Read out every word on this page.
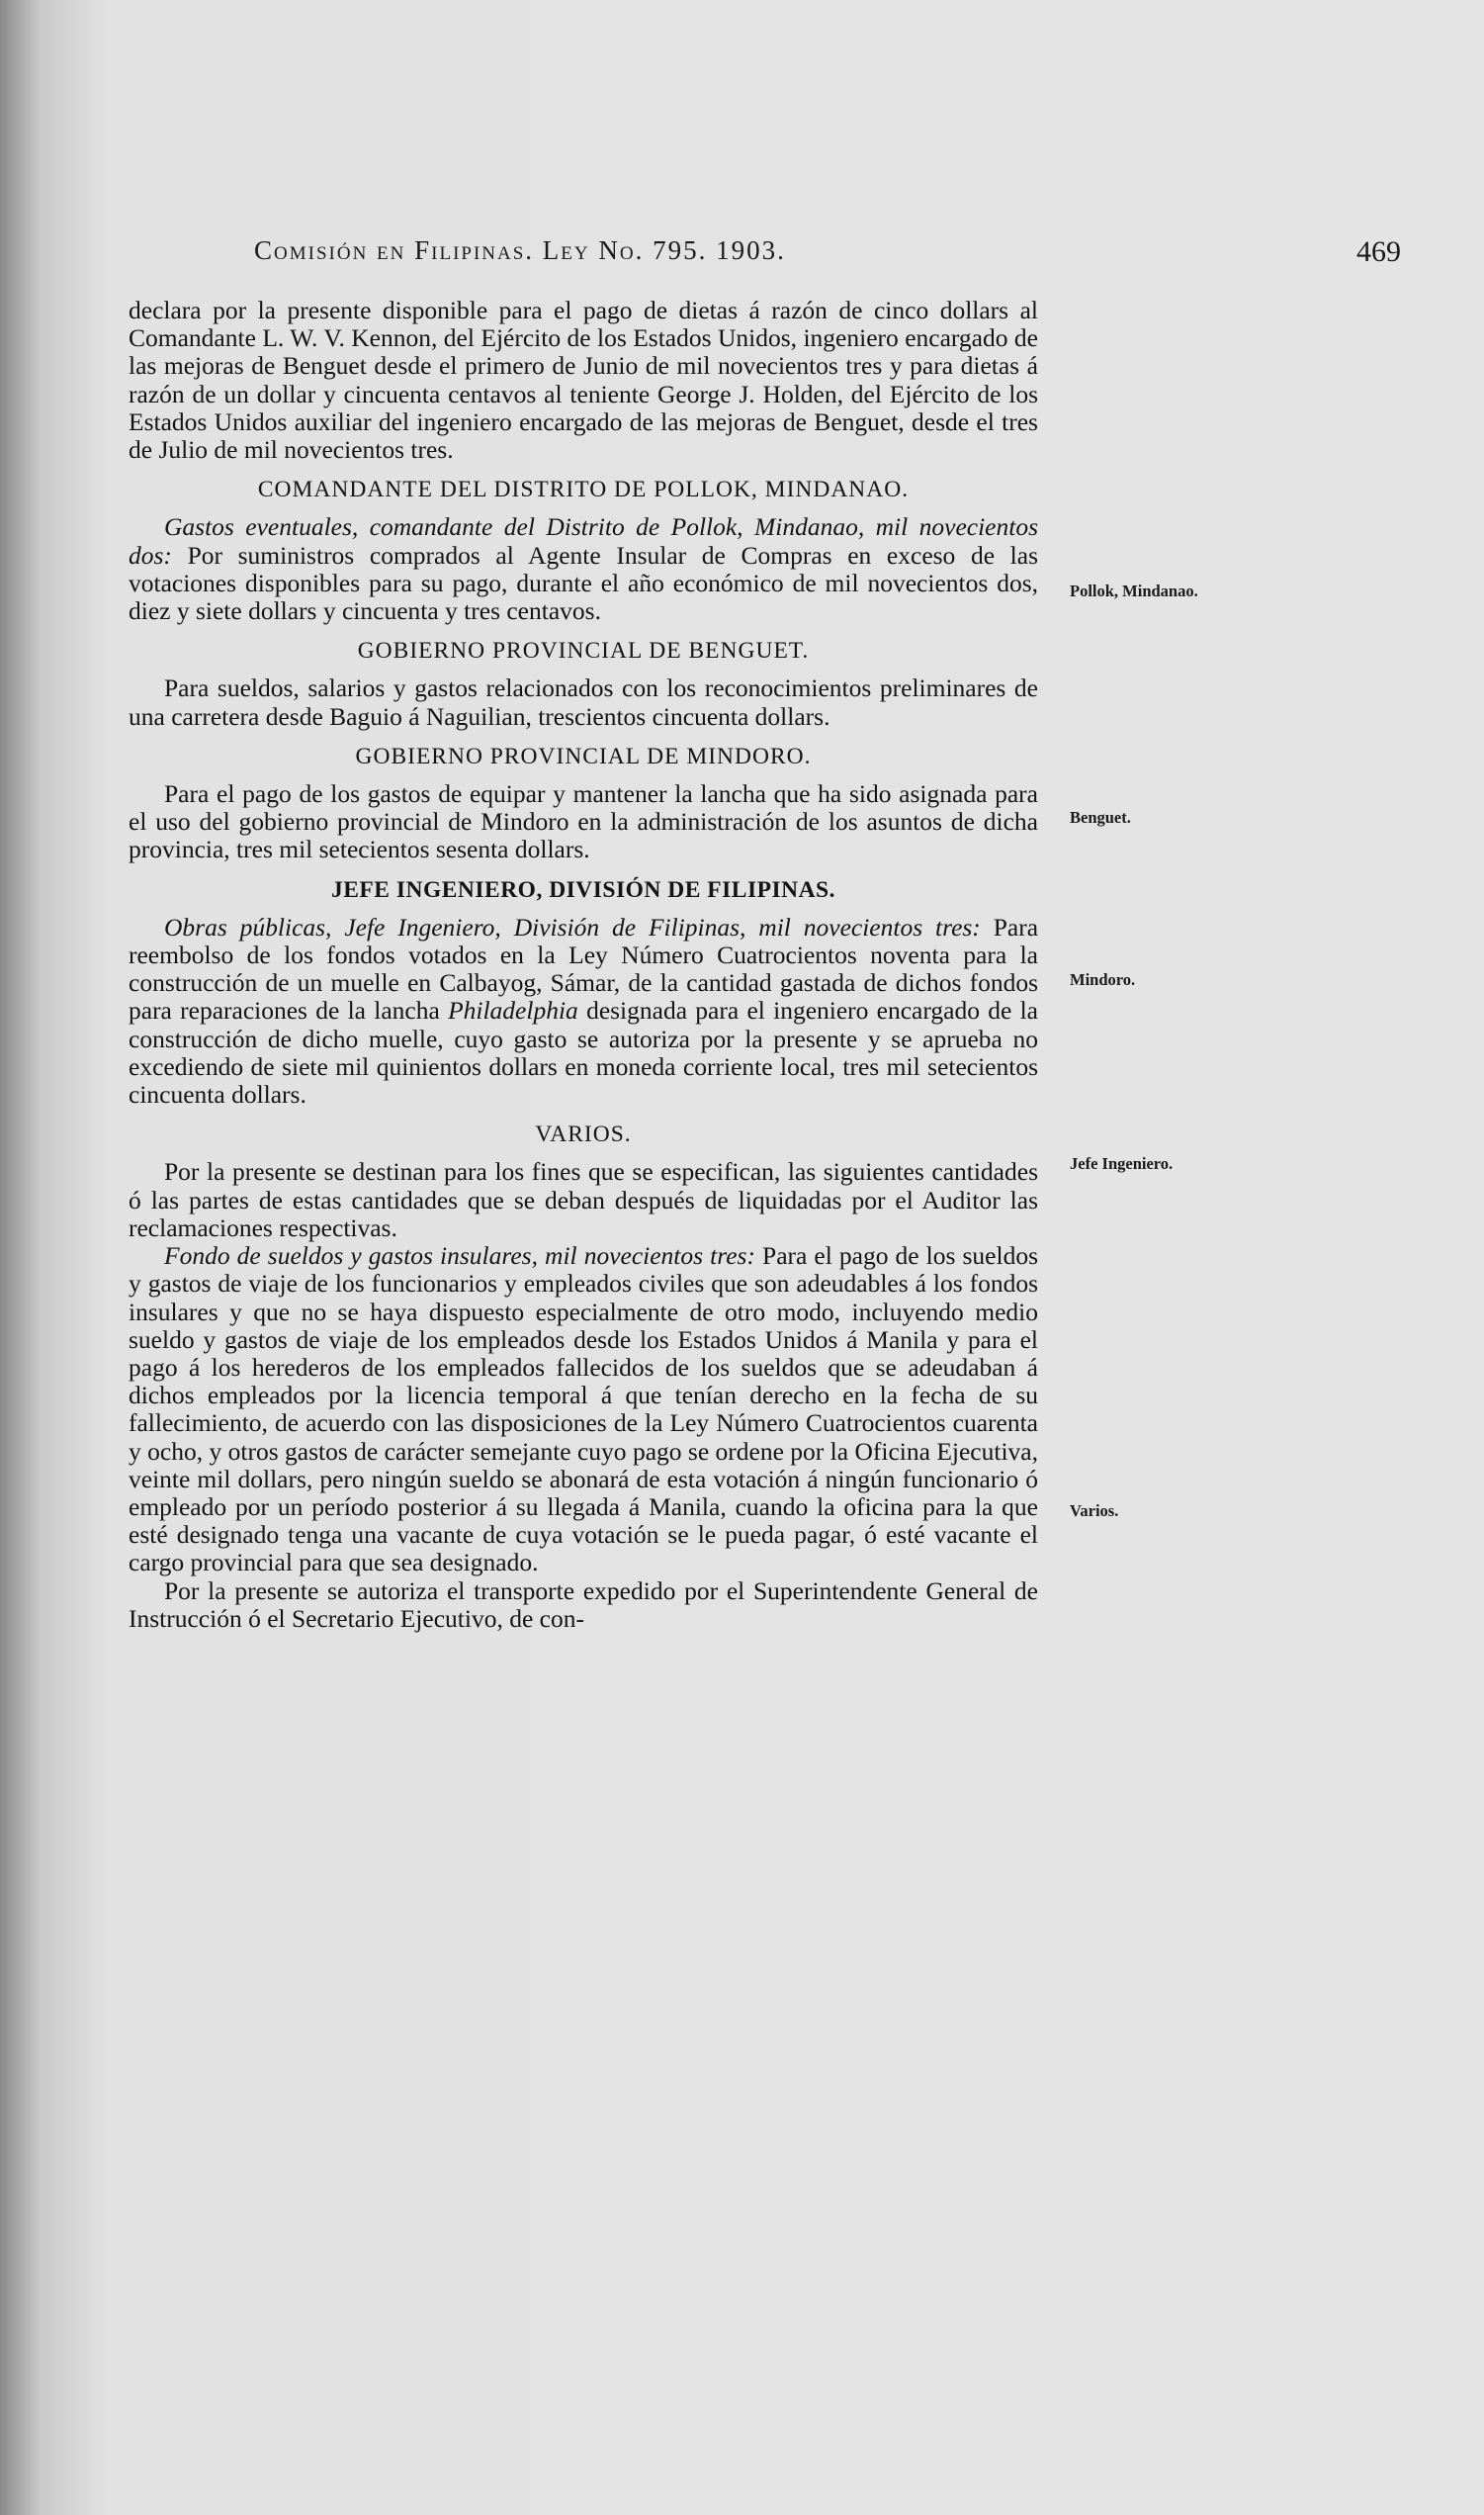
Comisión en Filipinas. Ley No. 795. 1903.	469

declara por la presente disponible para el pago de dietas á razón de cinco dollars al Comandante L. W. V. Kennon, del Ejército de los Estados Unidos, ingeniero encargado de las mejoras de Benguet desde el primero de Junio de mil novecientos tres y para dietas á razón de un dollar y cincuenta centavos al teniente George J. Holden, del Ejército de los Estados Unidos auxiliar del ingeniero encargado de las mejoras de Benguet, desde el tres de Julio de mil novecientos tres.

COMANDANTE DEL DISTRITO DE POLLOK, MINDANAO.

Gastos eventuales, comandante del Distrito de Pollok, Mindanao, mil novecientos dos: Por suministros comprados al Agente Insular de Compras en exceso de las votaciones disponibles para su pago, durante el año económico de mil novecientos dos, diez y siete dollars y cincuenta y tres centavos.

GOBIERNO PROVINCIAL DE BENGUET.

Para sueldos, salarios y gastos relacionados con los reconocimientos preliminares de una carretera desde Baguio á Naguilian, trescientos cincuenta dollars.

GOBIERNO PROVINCIAL DE MINDORO.

Para el pago de los gastos de equipar y mantener la lancha que ha sido asignada para el uso del gobierno provincial de Mindoro en la administración de los asuntos de dicha provincia, tres mil setecientos sesenta dollars.

JEFE INGENIERO, DIVISIÓN DE FILIPINAS.

Obras públicas, Jefe Ingeniero, División de Filipinas, mil novecientos tres: Para reembolso de los fondos votados en la Ley Número Cuatrocientos noventa para la construcción de un muelle en Calbayog, Sámar, de la cantidad gastada de dichos fondos para reparaciones de la lancha Philadelphia designada para el ingeniero encargado de la construcción de dicho muelle, cuyo gasto se autoriza por la presente y se aprueba no excediendo de siete mil quinientos dollars en moneda corriente local, tres mil setecientos cincuenta dollars.

VARIOS.

Por la presente se destinan para los fines que se especifican, las siguientes cantidades ó las partes de estas cantidades que se deban después de liquidadas por el Auditor las reclamaciones respectivas.

Fondo de sueldos y gastos insulares, mil novecientos tres: Para el pago de los sueldos y gastos de viaje de los funcionarios y empleados civiles que son adeudables á los fondos insulares y que no se haya dispuesto especialmente de otro modo, incluyendo medio sueldo y gastos de viaje de los empleados desde los Estados Unidos á Manila y para el pago á los herederos de los empleados fallecidos de los sueldos que se adeudaban á dichos empleados por la licencia temporal á que tenían derecho en la fecha de su fallecimiento, de acuerdo con las disposiciones de la Ley Número Cuatrocientos cuarenta y ocho, y otros gastos de carácter semejante cuyo pago se ordene por la Oficina Ejecutiva, veinte mil dollars, pero ningún sueldo se abonará de esta votación á ningún funcionario ó empleado por un período posterior á su llegada á Manila, cuando la oficina para la que esté designado tenga una vacante de cuya votación se le pueda pagar, ó esté vacante el cargo provincial para que sea designado.

Por la presente se autoriza el transporte expedido por el Superintendente General de Instrucción ó el Secretario Ejecutivo, de con-

Pollok, Mindanao.
Benguet.
Mindoro.
Jefe Ingeniero.
Varios.
